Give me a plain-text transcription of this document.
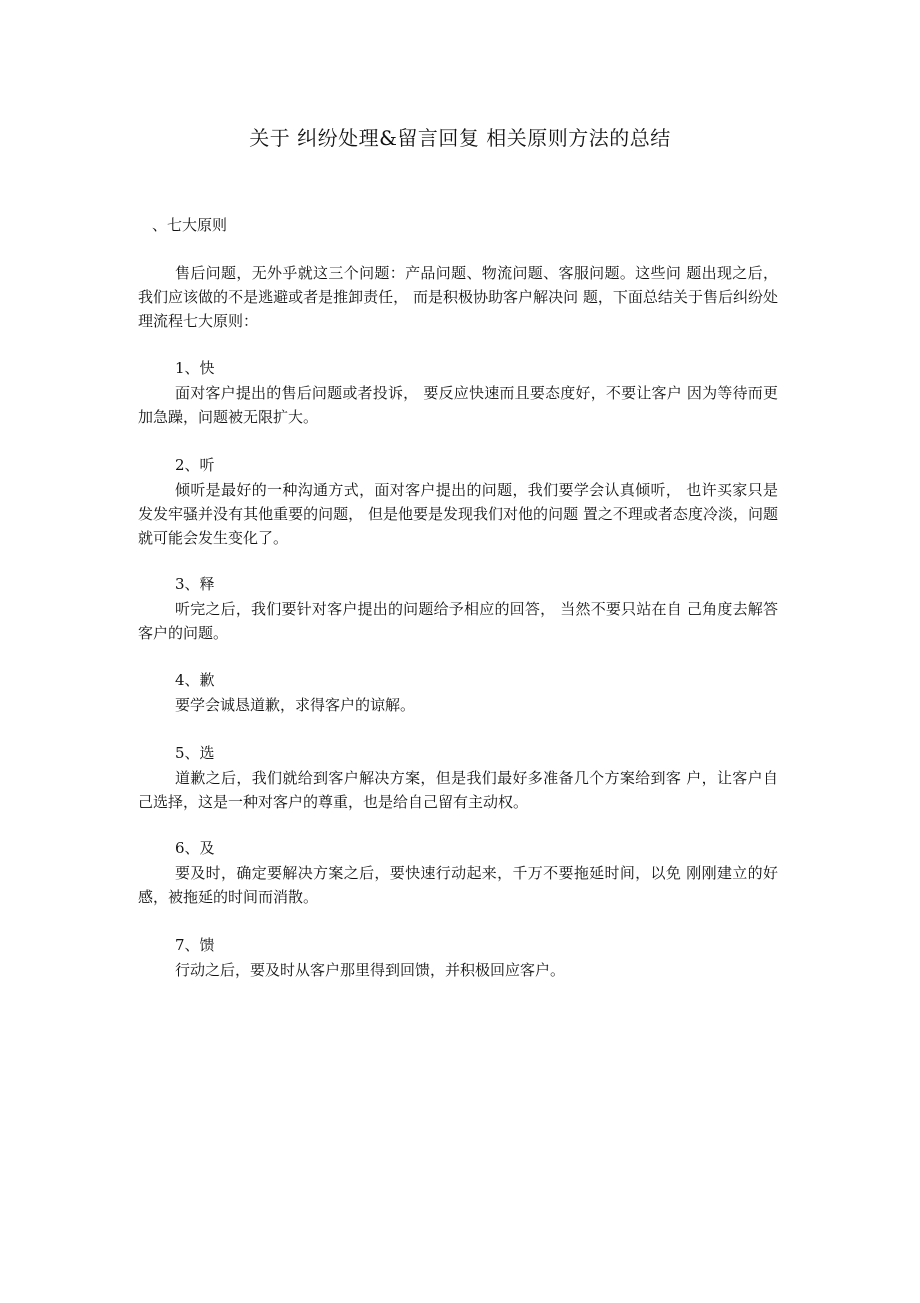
关于 纠纷处理&留言回复 相关原则方法的总结
、七大原则

售后问题，无外乎就这三个问题：产品问题、物流问题、客服问题。这些问 题出现之后，我们应该做的不是逃避或者是推卸责任， 而是积极协助客户解决问 题，下面总结关于售后纠纷处理流程七大原则：

1、快

面对客户提出的售后问题或者投诉， 要反应快速而且要态度好，不要让客户 因为等待而更加急躁，问题被无限扩大。

2、听

倾听是最好的一种沟通方式，面对客户提出的问题，我们要学会认真倾听， 也许买家只是发发牢骚并没有其他重要的问题， 但是他要是发现我们对他的问题 置之不理或者态度冷淡，问题就可能会发生变化了。

3、释

听完之后，我们要针对客户提出的问题给予相应的回答， 当然不要只站在自 己角度去解答客户的问题。

4、歉

要学会诚恳道歉，求得客户的谅解。

5、选

道歉之后，我们就给到客户解决方案，但是我们最好多准备几个方案给到客 户，让客户自己选择，这是一种对客户的尊重，也是给自己留有主动权。

6、及

要及时，确定要解决方案之后，要快速行动起来，千万不要拖延时间，以免 刚刚建立的好感，被拖延的时间而消散。

7、馈

行动之后，要及时从客户那里得到回馈，并积极回应客户。
